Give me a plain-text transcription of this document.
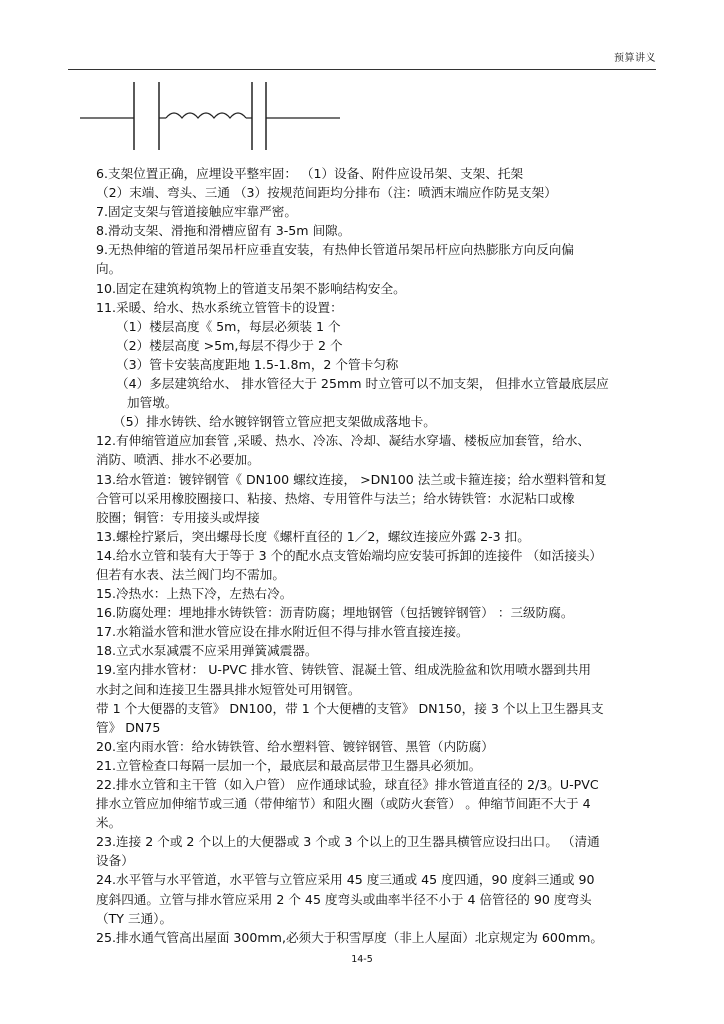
预算讲义

6.支架位置正确，应埋设平整牢固： （1）设备、附件应设吊架、支架、托架

（2）末端、弯头、三通 （3）按规范间距均分排布（注：喷洒末端应作防晃支架）

7.固定支架与管道接触应牢靠严密。

8.滑动支架、滑拖和滑槽应留有 3-5m 间隙。

9.无热伸缩的管道吊架吊杆应垂直安装，有热伸长管道吊架吊杆应向热膨胀方向反向偏

向。

10.固定在建筑构筑物上的管道支吊架不影响结构安全。

11.采暖、给水、热水系统立管管卡的设置：

（1）楼层高度《 5m，每层必须装 1 个

（2）楼层高度 >5m,每层不得少于 2 个

（3）管卡安装高度距地 1.5-1.8m，2 个管卡匀称

（4）多层建筑给水、 排水管径大于 25mm 时立管可以不加支架， 但排水立管最底层应

加管墩。

（5）排水铸铁、给水镀锌钢管立管应把支架做成落地卡。

12.有伸缩管道应加套管 ,采暖、热水、冷冻、冷却、凝结水穿墙、楼板应加套管，给水、

消防、喷洒、排水不必要加。

13.给水管道：镀锌钢管《 DN100 螺纹连接， >DN100 法兰或卡箍连接；给水塑料管和复

合管可以采用橡胶圈接口、粘接、热熔、专用管件与法兰；给水铸铁管：水泥粘口或橡

胶圈；铜管：专用接头或焊接

13.螺栓拧紧后，突出螺母长度《螺杆直径的 1／2，螺纹连接应外露 2-3 扣。

14.给水立管和装有大于等于 3 个的配水点支管始端均应安装可拆卸的连接件 （如活接头）

但若有水表、法兰阀门均不需加。

15.冷热水：上热下冷，左热右冷。

16.防腐处理：埋地排水铸铁管：沥青防腐；埋地钢管（包括镀锌钢管） ：三级防腐。

17.水箱溢水管和泄水管应设在排水附近但不得与排水管直接连接。

18.立式水泵减震不应采用弹簧减震器。

19.室内排水管材： U-PVC 排水管、铸铁管、混凝土管、组成洗脸盆和饮用喷水器到共用

水封之间和连接卫生器具排水短管处可用钢管。

带 1 个大便器的支管》 DN100，带 1 个大便槽的支管》 DN150，接 3 个以上卫生器具支

管》 DN75

20.室内雨水管：给水铸铁管、给水塑料管、镀锌钢管、黑管（内防腐）

21.立管检查口每隔一层加一个，最底层和最高层带卫生器具必须加。

22.排水立管和主干管（如入户管） 应作通球试验，球直径》排水管道直径的 2/3。U-PVC

排水立管应加伸缩节或三通（带伸缩节）和阻火圈（或防火套管） 。伸缩节间距不大于 4

米。

23.连接 2 个或 2 个以上的大便器或 3 个或 3 个以上的卫生器具横管应设扫出口。 （清通

设备）

24.水平管与水平管道，水平管与立管应采用 45 度三通或 45 度四通，90 度斜三通或 90

度斜四通。立管与排水管应采用 2 个 45 度弯头或曲率半径不小于 4 倍管径的 90 度弯头

（TY 三通）。

25.排水通气管高出屋面 300mm,必须大于积雪厚度（非上人屋面）北京规定为 600mm。

14-5
